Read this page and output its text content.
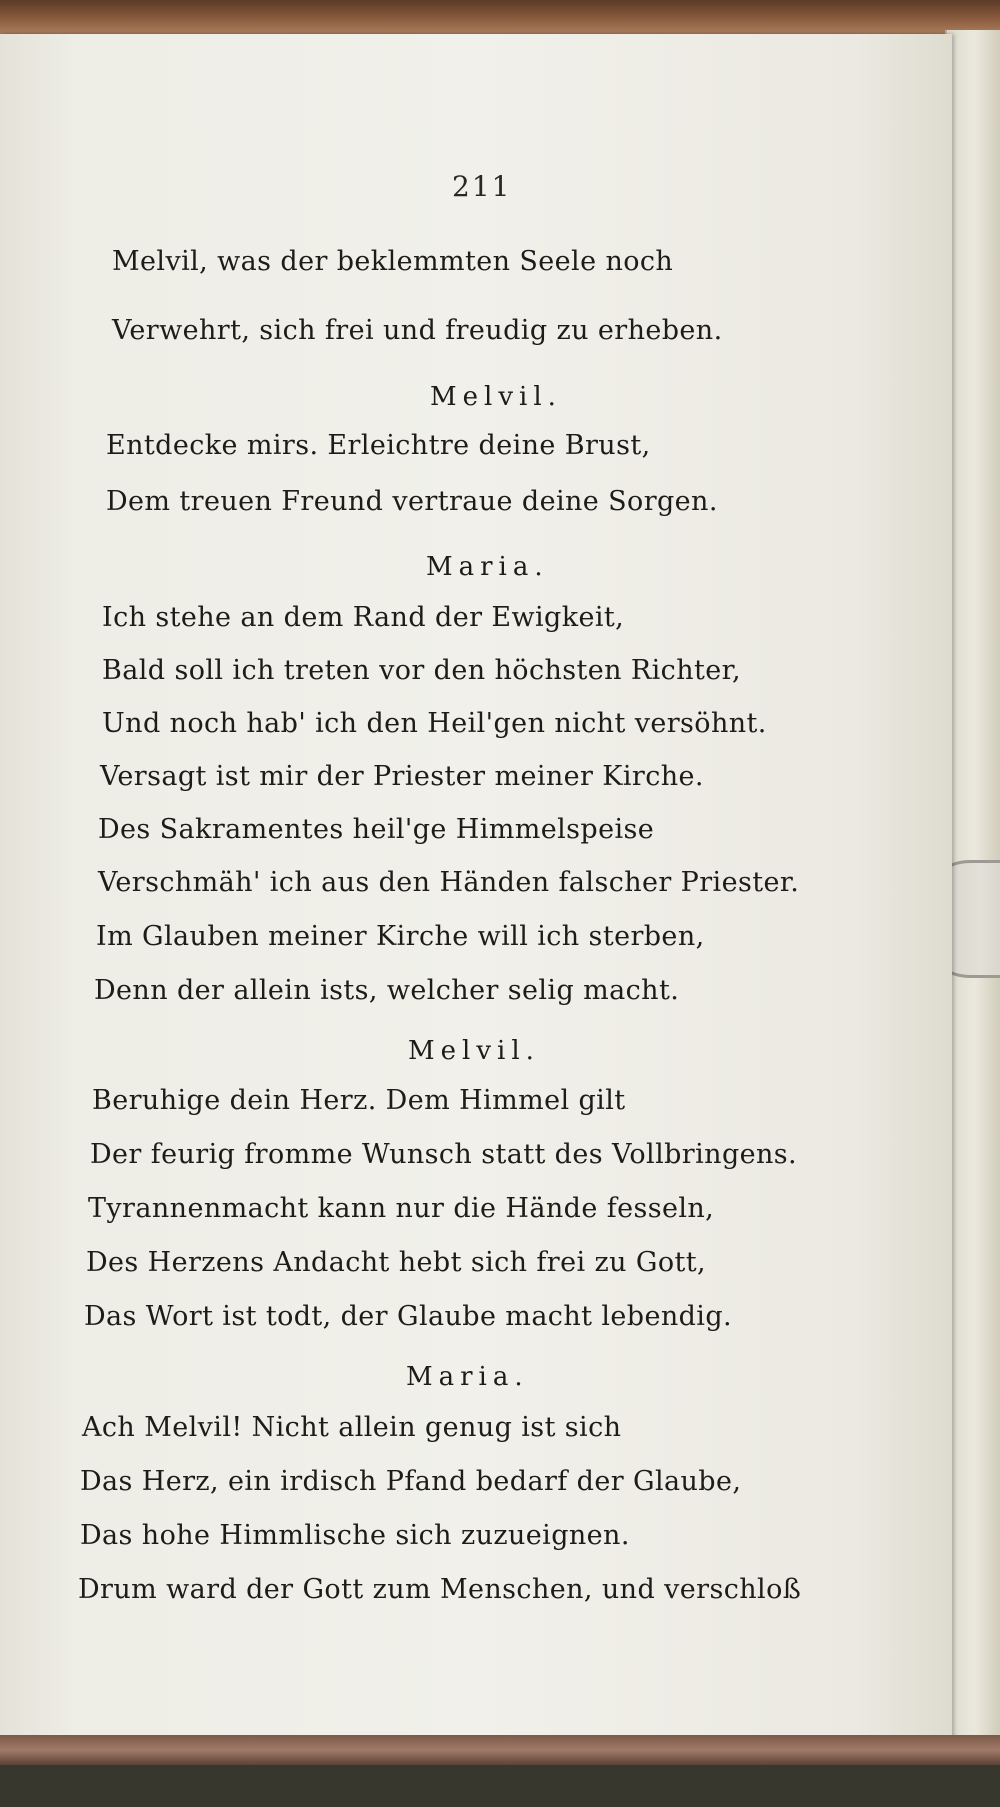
211

Melvil, was der beklemmten Seele noch

Verwehrt, sich frei und freudig zu erheben.

Melvil.

Entdecke mirs. Erleichtre deine Brust,

Dem treuen Freund vertraue deine Sorgen.

Maria.

Ich stehe an dem Rand der Ewigkeit,

Bald soll ich treten vor den höchsten Richter,

Und noch hab' ich den Heil'gen nicht versöhnt.

Versagt ist mir der Priester meiner Kirche.

Des Sakramentes heil'ge Himmelspeise

Verschmäh' ich aus den Händen falscher Priester.

Im Glauben meiner Kirche will ich sterben,

Denn der allein ists, welcher selig macht.

Melvil.

Beruhige dein Herz. Dem Himmel gilt

Der feurig fromme Wunsch statt des Vollbringens.

Tyrannenmacht kann nur die Hände fesseln,

Des Herzens Andacht hebt sich frei zu Gott,

Das Wort ist todt, der Glaube macht lebendig.

Maria.

Ach Melvil! Nicht allein genug ist sich

Das Herz, ein irdisch Pfand bedarf der Glaube,

Das hohe Himmlische sich zuzueignen.

Drum ward der Gott zum Menschen, und verschloß
